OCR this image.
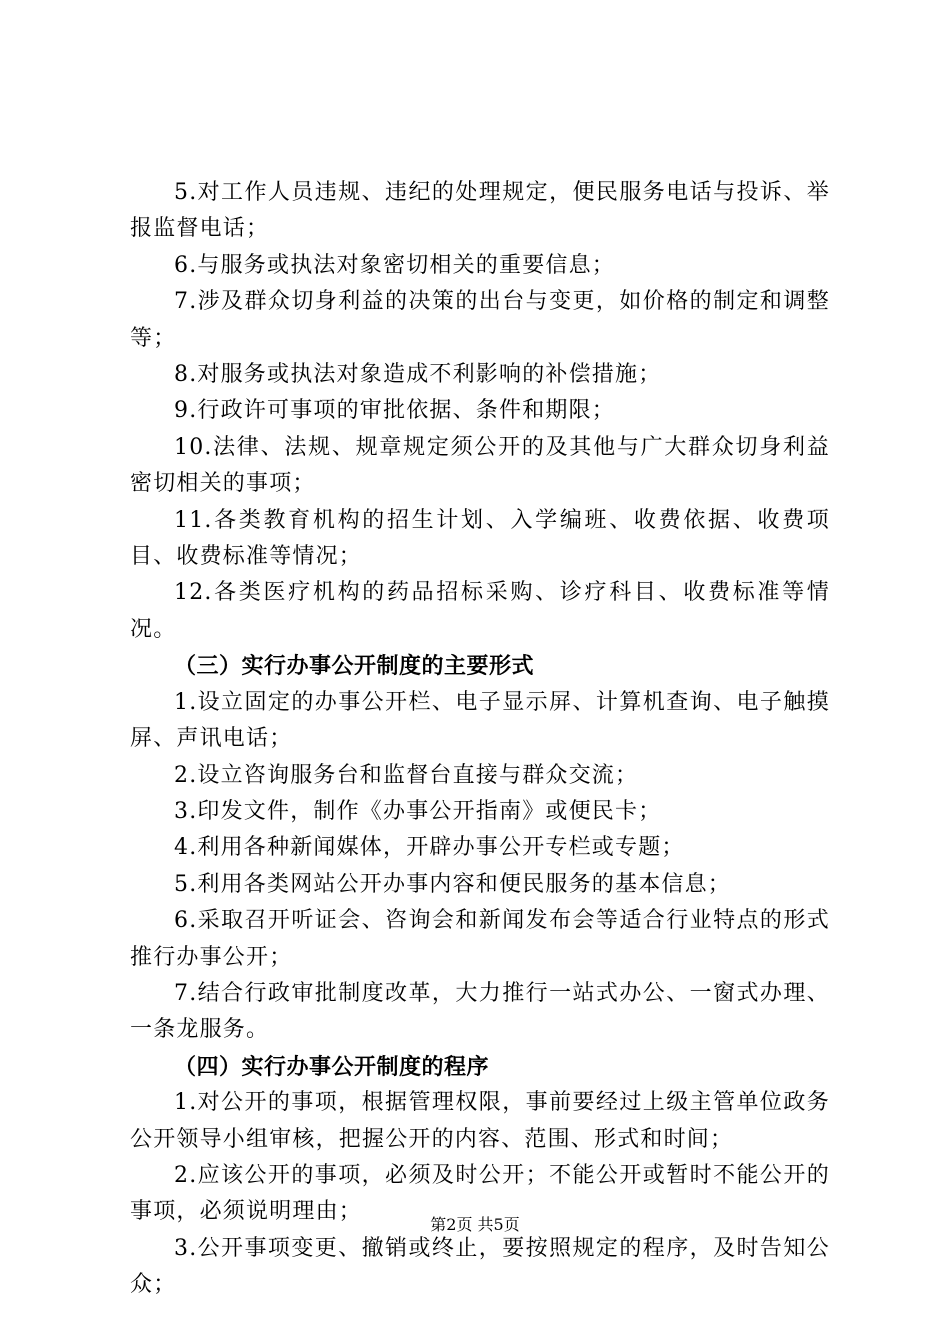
5.对工作人员违规、违纪的处理规定，便民服务电话与投诉、举报监督电话；

6.与服务或执法对象密切相关的重要信息；

7.涉及群众切身利益的决策的出台与变更，如价格的制定和调整等；

8.对服务或执法对象造成不利影响的补偿措施；

9.行政许可事项的审批依据、条件和期限；

10.法律、法规、规章规定须公开的及其他与广大群众切身利益密切相关的事项；

11.各类教育机构的招生计划、入学编班、收费依据、收费项目、收费标准等情况；

12.各类医疗机构的药品招标采购、诊疗科目、收费标准等情况。

（三）实行办事公开制度的主要形式

1.设立固定的办事公开栏、电子显示屏、计算机查询、电子触摸屏、声讯电话；

2.设立咨询服务台和监督台直接与群众交流；

3.印发文件，制作《办事公开指南》或便民卡；

4.利用各种新闻媒体，开辟办事公开专栏或专题；

5.利用各类网站公开办事内容和便民服务的基本信息；

6.采取召开听证会、咨询会和新闻发布会等适合行业特点的形式推行办事公开；

7.结合行政审批制度改革，大力推行一站式办公、一窗式办理、一条龙服务。

（四）实行办事公开制度的程序

1.对公开的事项，根据管理权限，事前要经过上级主管单位政务公开领导小组审核，把握公开的内容、范围、形式和时间；

2.应该公开的事项，必须及时公开；不能公开或暂时不能公开的事项，必须说明理由；

3.公开事项变更、撤销或终止，要按照规定的程序，及时告知公众；

第2页 共5页
